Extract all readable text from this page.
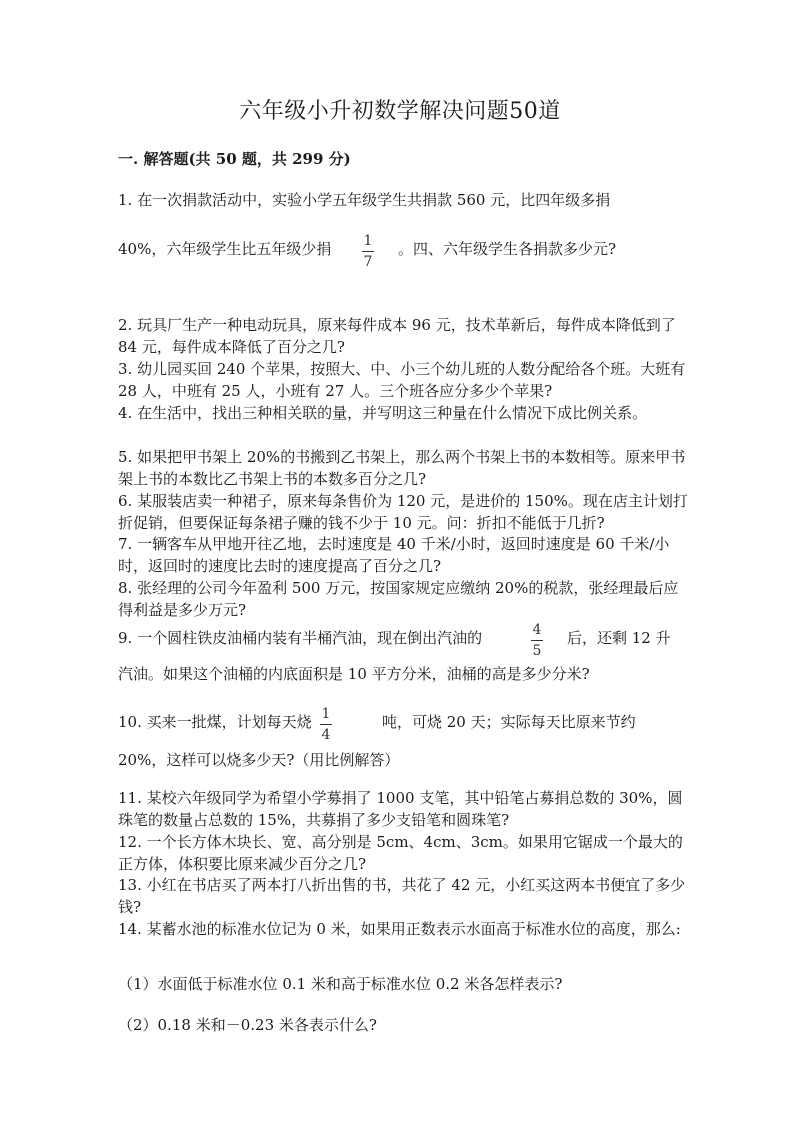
六年级小升初数学解决问题50道
一. 解答题(共 50 题，共 299 分)
1. 在一次捐款活动中，实验小学五年级学生共捐款 560 元，比四年级多捐
40%，六年级学生比五年级少捐 1
7
。四、六年级学生各捐款多少元?
2. 玩具厂生产一种电动玩具，原来每件成本 96 元，技术革新后，每件成本降低到了 84 元，每件成本降低了百分之几?
3. 幼儿园买回 240 个苹果，按照大、中、小三个幼儿班的人数分配给各个班。大班有 28 人，中班有 25 人，小班有 27 人。三个班各应分多少个苹果?
4. 在生活中，找出三种相关联的量，并写明这三种量在什么情况下成比例关系。
5. 如果把甲书架上 20%的书搬到乙书架上，那么两个书架上书的本数相等。原来甲书架上书的本数比乙书架上书的本数多百分之几?
6. 某服装店卖一种裙子，原来每条售价为 120 元，是进价的 150%。现在店主计划打折促销，但要保证每条裙子赚的钱不少于 10 元。问：折扣不能低于几折?
7. 一辆客车从甲地开往乙地，去时速度是 40 千米/小时，返回时速度是 60 千米/小时，返回时的速度比去时的速度提高了百分之几?
8. 张经理的公司今年盈利 500 万元，按国家规定应缴纳 20%的税款，张经理最后应得利益是多少万元?
9. 一个圆柱铁皮油桶内装有半桶汽油，现在倒出汽油的	4
5
后，还剩 12 升
汽油。如果这个油桶的内底面积是 10 平方分米，油桶的高是多少分米?
10. 买来一批煤，计划每天烧 1
4
吨，可烧 20 天；实际每天比原来节约
20%，这样可以烧多少天?（用比例解答）
11. 某校六年级同学为希望小学募捐了 1000 支笔，其中铅笔占募捐总数的 30%，圆珠笔的数量占总数的 15%，共募捐了多少支铅笔和圆珠笔?
12. 一个长方体木块长、宽、高分别是 5cm、4cm、3cm。如果用它锯成一个最大的正方体，体积要比原来减少百分之几?
13. 小红在书店买了两本打八折出售的书，共花了 42 元，小红买这两本书便宜了多少钱?
14. 某蓄水池的标准水位记为 0 米，如果用正数表示水面高于标准水位的高度，那么:
（1）水面低于标准水位 0.1 米和高于标准水位 0.2 米各怎样表示?
（2）0.18 米和－0.23 米各表示什么?
